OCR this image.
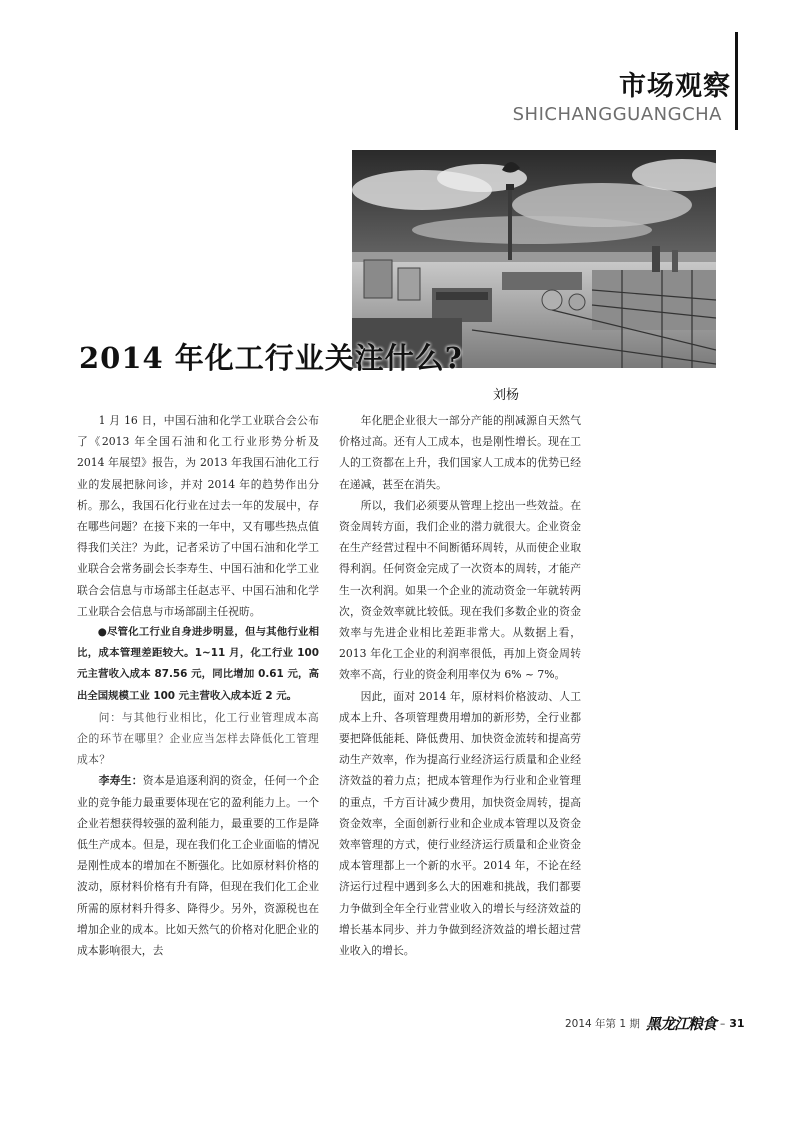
市场观察
SHICHANGGUANGCHA
2014 年化工行业关注什么?
刘杨

1 月 16 日，中国石油和化学工业联合会公布了《2013 年全国石油和化工行业形势分析及 2014 年展望》报告，为 2013 年我国石油化工行业的发展把脉问诊，并对 2014 年的趋势作出分析。那么，我国石化行业在过去一年的发展中，存在哪些问题？在接下来的一年中，又有哪些热点值得我们关注？为此，记者采访了中国石油和化学工业联合会常务副会长李寿生、中国石油和化学工业联合会信息与市场部主任赵志平、中国石油和化学工业联合会信息与市场部副主任祝昉。

●尽管化工行业自身进步明显，但与其他行业相比，成本管理差距较大。1~11 月，化工行业 100 元主营收入成本 87.56 元，同比增加 0.61 元，高出全国规模工业 100 元主营收入成本近 2 元。

问：与其他行业相比，化工行业管理成本高企的环节在哪里？企业应当怎样去降低化工管理成本？

李寿生：资本是追逐利润的资金，任何一个企业的竞争能力最重要体现在它的盈利能力上。一个企业若想获得较强的盈利能力，最重要的工作是降低生产成本。但是，现在我们化工企业面临的情况是刚性成本的增加在不断强化。比如原材料价格的波动，原材料价格有升有降，但现在我们化工企业所需的原材料升得多、降得少。另外，资源税也在增加企业的成本。比如天然气的价格对化肥企业的成本影响很大，去

年化肥企业很大一部分产能的削减源自天然气价格过高。还有人工成本，也是刚性增长。现在工人的工资都在上升，我们国家人工成本的优势已经在递减，甚至在消失。

所以，我们必须要从管理上挖出一些效益。在资金周转方面，我们企业的潜力就很大。企业资金在生产经营过程中不间断循环周转，从而使企业取得利润。任何资金完成了一次资本的周转，才能产生一次利润。如果一个企业的流动资金一年就转两次，资金效率就比较低。现在我们多数企业的资金效率与先进企业相比差距非常大。从数据上看，2013 年化工企业的利润率很低，再加上资金周转效率不高，行业的资金利用率仅为 6% ~ 7%。

因此，面对 2014 年，原材料价格波动、人工成本上升、各项管理费用增加的新形势，全行业都要把降低能耗、降低费用、加快资金流转和提高劳动生产效率，作为提高行业经济运行质量和企业经济效益的着力点；把成本管理作为行业和企业管理的重点，千方百计减少费用，加快资金周转，提高资金效率，全面创新行业和企业成本管理以及资金效率管理的方式，使行业经济运行质量和企业资金成本管理都上一个新的水平。2014 年，不论在经济运行过程中遇到多么大的困难和挑战，我们都要力争做到全年全行业营业收入的增长与经济效益的增长基本同步、并力争做到经济效益的增长超过营业收入的增长。

2014 年第 1 期 黑龙江粮食 – 31
